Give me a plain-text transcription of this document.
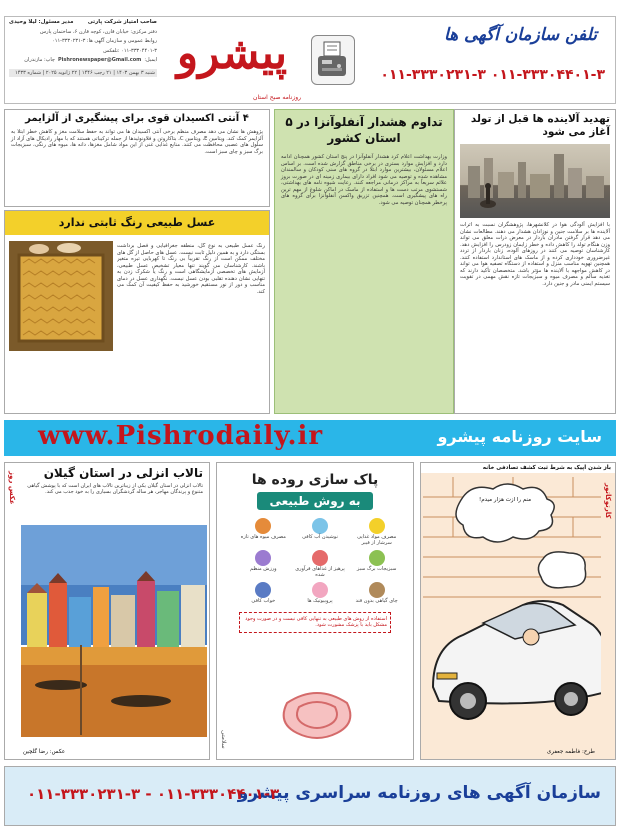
تلفن سازمان آگهی ها
۰۱۱-۳۳۳۰۲۳۱-۳ ۰۱۱-۳۳۳۰۴۴۰۱-۳
پیشرو
روزنامه صبح استان
صاحب امتیاز شرکت پارتی
مدیر مسئول: لیلا وحیدی
دفتر مرکزی: خیابان قارن، کوچه قارن ۶، ساختمان پارس
روابط عمومی و سازمان آگهی ها: ۳-۳۳۳۰۲۳۱-۰۱۱
۰۱۱-۳۳۳۰۴۴۰۱-۳ :تلفکس
ایمیل:
Pishronewspaper@Gmail.com
چاپ: مازندران
شنبه ۳ بهمن ۱۴۰۳ | ۲۱ رجب ۱۴۴۶ | ۲۲ ژانویه ۲۰۲۵ | شماره ۱۴۳۳
تهدید آلاینده ها قبل از تولد آغاز می شود
با افزایش آلودگی هوا در کلانشهرها، پژوهشگران نسبت به اثرات آلاینده ها بر سلامت جنین و نوزادان هشدار می دهند. مطالعات نشان می دهد قرار گرفتن مادران باردار در معرض ذرات معلق می تواند وزن هنگام تولد را کاهش داده و خطر زایمان زودرس را افزایش دهد. کارشناسان توصیه می کنند در روزهای آلوده، زنان باردار از تردد غیرضروری خودداری کرده و از ماسک های استاندارد استفاده کنند. همچنین تهویه مناسب منزل و استفاده از دستگاه تصفیه هوا می تواند در کاهش مواجهه با آلاینده ها مؤثر باشد. متخصصان تأکید دارند که تغذیه سالم و مصرف میوه و سبزیجات تازه نقش مهمی در تقویت سیستم ایمنی مادر و جنین دارد.
تداوم هشدار آنفلوآنزا در ۵ استان کشور
وزارت بهداشت اعلام کرد هشدار آنفلوآنزا در پنج استان کشور همچنان ادامه دارد و افزایش موارد بستری در برخی مناطق گزارش شده است. بر اساس اعلام مسئولان، بیشترین موارد ابتلا در گروه های سنی کودکان و سالمندان مشاهده شده و توصیه می شود افراد دارای بیماری زمینه ای در صورت بروز علائم سریعاً به مراکز درمانی مراجعه کنند. رعایت شیوه نامه های بهداشتی، شستشوی مرتب دست ها و استفاده از ماسک در اماکن شلوغ از مهم ترین راه های پیشگیری است. همچنین تزریق واکسن آنفلوآنزا برای گروه های پرخطر همچنان توصیه می شود.
۴ آنتی اکسیدان قوی برای پیشگیری از آلزایمر
پژوهش ها نشان می دهد مصرف منظم برخی آنتی اکسیدان ها می تواند به حفظ سلامت مغز و کاهش خطر ابتلا به آلزایمر کمک کند. ویتامین E، ویتامین C، بتاکاروتن و فلاونوئیدها از جمله ترکیباتی هستند که با مهار رادیکال های آزاد از سلول های عصبی محافظت می کنند. منابع غذایی غنی از این مواد شامل مغزها، دانه ها، میوه های رنگی، سبزیجات برگ سبز و چای سبز است.
عسل طبیعی رنگ ثابتی ندارد
رنگ عسل طبیعی به نوع گل، منطقه جغرافیایی و فصل برداشت بستگی دارد و به همین دلیل ثابت نیست. عسل های حاصل از گل های مختلف ممکن است از رنگ تقریباً بی رنگ تا کهربایی تیره متغیر باشند. کارشناسان می گویند تنها معیار تشخیص عسل طبیعی، آزمایش های تخصصی آزمایشگاهی است و رنگ یا شکرک زدن به تنهایی نشان دهنده تقلبی بودن عسل نیست. نگهداری عسل در دمای مناسب و دور از نور مستقیم خورشید به حفظ کیفیت آن کمک می کند.
سایت روزنامه پیشرو
www.Pishrodaily.ir
باز شدن اپیک به شرط ثبت کشف تصادفی خانه
کارتوکاتور
منم را ازت هزار میدم!
طرح: فاطمه جعفری
پاک سازی روده ها به روش طبیعی
مصرف مواد غذایی سرشار از فیبر
نوشیدن آب کافی
مصرف میوه های تازه
سبزیجات برگ سبز
پرهیز از غذاهای فرآوری شده
ورزش منظم
چای گیاهی بدون قند
پروبیوتیک ها
خواب کافی
استفاده از روش های طبیعی به تنهایی کافی نیست و در صورت وجود مشکل باید با پزشک مشورت شود.
سلامتی
تالاب انزلی در استان گیلان
تالاب انزلی در استان گیلان یکی از زیباترین تالاب های ایران است که با پوشش گیاهی متنوع و پرندگان مهاجر، هر ساله گردشگران بسیاری را به خود جذب می کند.
عکس روز
عکس: رضا گلچین
سازمان آگهی های روزنامه سراسری پیشرو
۰۱۱-۳۳۳۰۲۳۱-۳ - ۰۱۱-۳۳۳۰۴۴۰۱-۳
